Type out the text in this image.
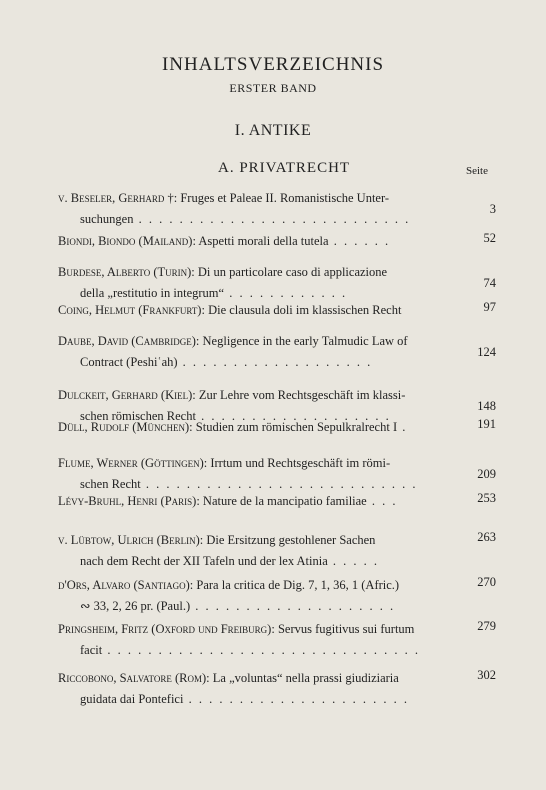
INHALTSVERZEICHNIS
ERSTER BAND
I. ANTIKE
A. PRIVATRECHT	Seite
v. Beseler, Gerhard †: Fruges et Paleae II. Romanistische Unter-
suchungen . . . . . . . . . . . . . . . . . . . . . . . . . . .
3
Biondi, Biondo (Mailand): Aspetti morali della tutela . . . . . .	52
Burdese, Alberto (Turin): Di un particolare caso di applicazione
della „restitutio in integrum“ . . . . . . . . . . . .
74
Coing, Helmut (Frankfurt): Die clausula doli im klassischen Recht	97
Daube, David (Cambridge): Negligence in the early Talmudic Law of
Contract (Peshiʿah) . . . . . . . . . . . . . . . . . . .
124
Dulckeit, Gerhard (Kiel): Zur Lehre vom Rechtsgeschäft im klassi-
schen römischen Recht . . . . . . . . . . . . . . . . . . .
148
Düll, Rudolf (München): Studien zum römischen Sepulkralrecht I .	191
Flume, Werner (Göttingen): Irrtum und Rechtsgeschäft im römi-
schen Recht . . . . . . . . . . . . . . . . . . . . . . . . . . .
209
Lévy-Bruhl, Henri (Paris): Nature de la mancipatio familiae . . .	253
v. Lübtow, Ulrich (Berlin): Die Ersitzung gestohlener Sachen
nach dem Recht der XII Tafeln und der lex Atinia . . . . .
263
d'Ors, Alvaro (Santiago): Para la critica de Dig. 7, 1, 36, 1 (Afric.)
∾ 33, 2, 26 pr. (Paul.) . . . . . . . . . . . . . . . . . . . .
270
Pringsheim, Fritz (Oxford und Freiburg): Servus fugitivus sui furtum
facit . . . . . . . . . . . . . . . . . . . . . . . . . . . . . . .
279
Riccobono, Salvatore (Rom): La „voluntas“ nella prassi giudiziaria
guidata dai Pontefici . . . . . . . . . . . . . . . . . . . . . .
302
